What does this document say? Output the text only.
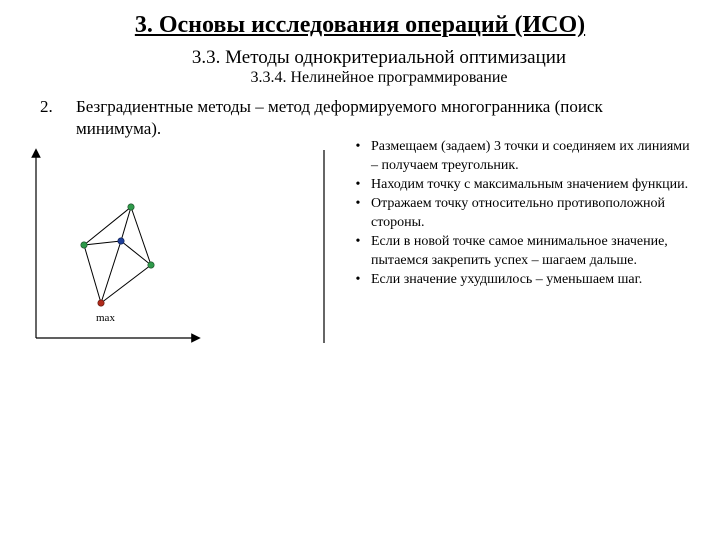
3. Основы исследования операций (ИСО)
3.3. Методы однокритериальной оптимизации
3.3.4. Нелинейное программирование
2. Безградиентные методы – метод деформируемого многогранника (поиск минимума).
max
• Размещаем (задаем) 3 точки и соединяем их линиями – получаем треугольник.
• Находим точку с максимальным значением функции.
• Отражаем точку относительно противоположной стороны.
• Если в новой точке самое минимальное значение, пытаемся закрепить успех – шагаем дальше.
• Если значение ухудшилось – уменьшаем шаг.
